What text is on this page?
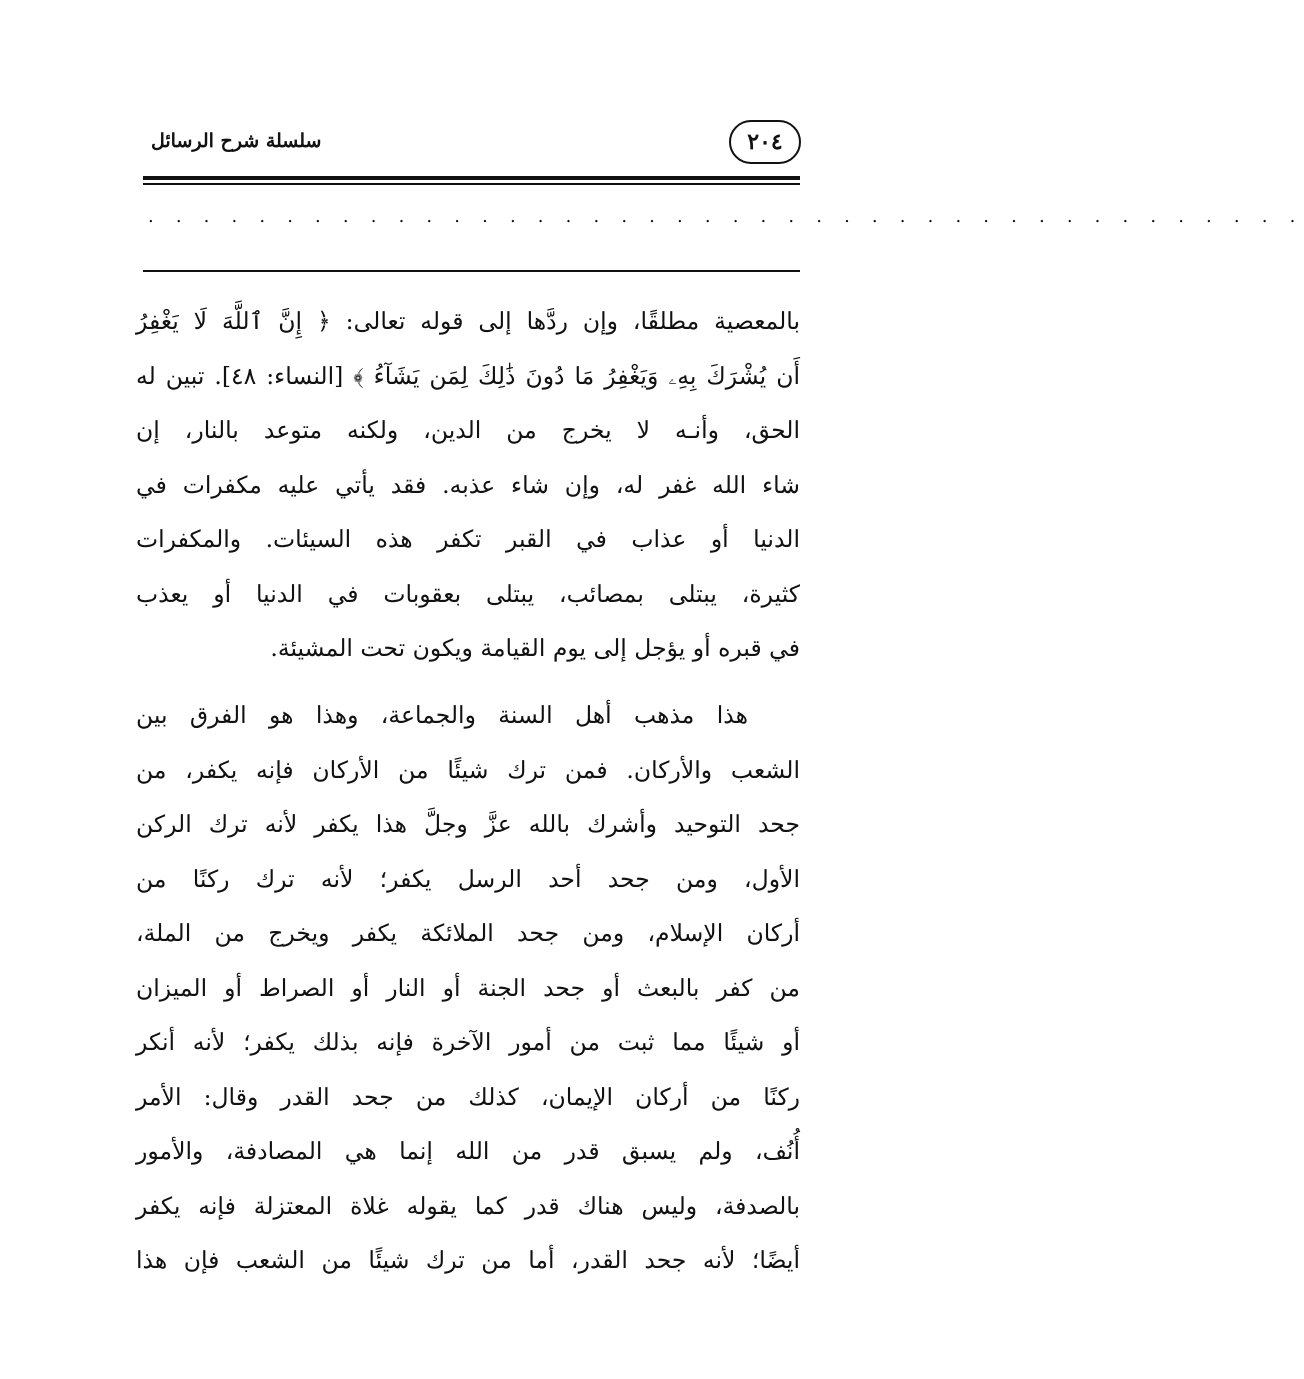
سلسلة شرح الرسائل	٢٠٤
. . . . . . . . . . . . . . . . . . . . . . . . . . . . . . . . . . . . . . . . . .
بالمعصية مطلقًا، وإن ردَّها إلى قوله تعالى: ﴿ إِنَّ ٱللَّهَ لَا يَغْفِرُ
أَن يُشْرَكَ بِهِۦ وَيَغْفِرُ مَا دُونَ ذَٰلِكَ لِمَن يَشَآءُ ﴾ [النساء: ٤٨]. تبين له
الحق، وأنـه لا يخرج من الدين، ولكنه متوعد بالنار، إن
شاء الله غفر له، وإن شاء عذبه. فقد يأتي عليه مكفرات في
الدنيا أو عذاب في القبر تكفر هذه السيئات. والمكفرات
كثيرة، يبتلى بمصائب، يبتلى بعقوبات في الدنيا أو يعذب
في قبره أو يؤجل إلى يوم القيامة ويكون تحت المشيئة.
هذا مذهب أهل السنة والجماعة، وهذا هو الفرق بين
الشعب والأركان. فمن ترك شيئًا من الأركان فإنه يكفر، من
جحد التوحيد وأشرك بالله عزَّ وجلَّ هذا يكفر لأنه ترك الركن
الأول، ومن جحد أحد الرسل يكفر؛ لأنه ترك ركنًا من
أركان الإسلام، ومن جحد الملائكة يكفر ويخرج من الملة،
من كفر بالبعث أو جحد الجنة أو النار أو الصراط أو الميزان
أو شيئًا مما ثبت من أمور الآخرة فإنه بذلك يكفر؛ لأنه أنكر
ركنًا من أركان الإيمان، كذلك من جحد القدر وقال: الأمر
أُنُف، ولم يسبق قدر من الله إنما هي المصادفة، والأمور
بالصدفة، وليس هناك قدر كما يقوله غلاة المعتزلة فإنه يكفر
أيضًا؛ لأنه جحد القدر، أما من ترك شيئًا من الشعب فإن هذا
